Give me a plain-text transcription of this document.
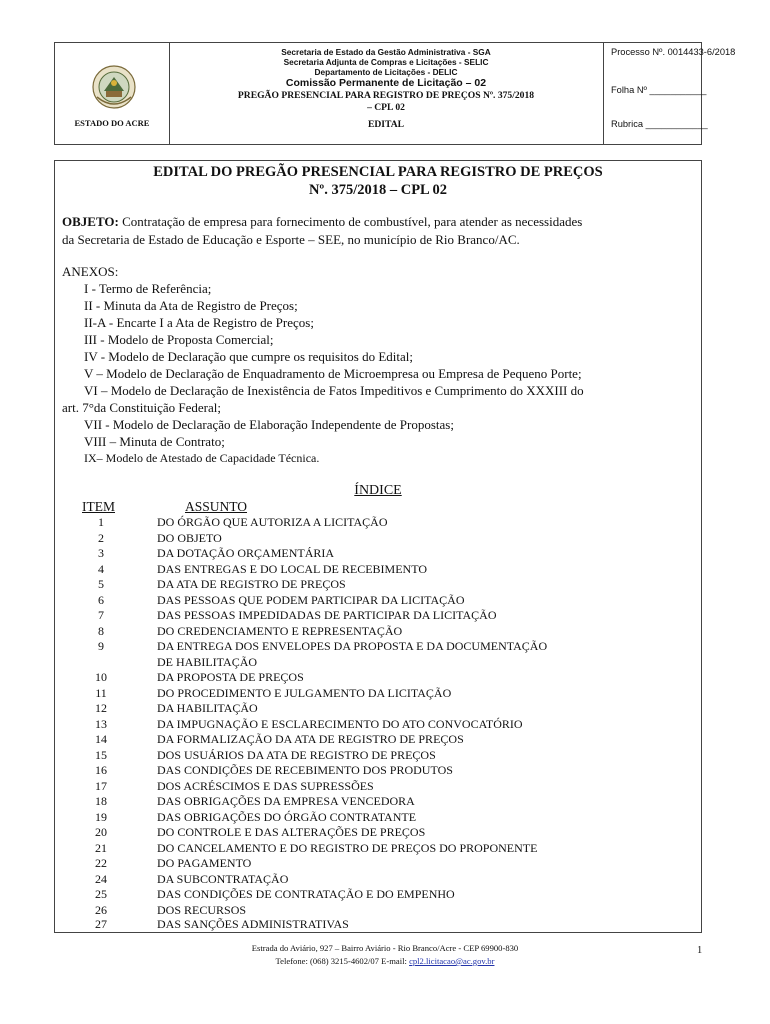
ESTADO DO ACRE
Secretaria de Estado da Gestão Administrativa - SGA
Secretaria Adjunta de Compras e Licitações - SELIC
Departamento de Licitações - DELIC
Comissão Permanente de Licitação – 02
PREGÃO PRESENCIAL PARA REGISTRO DE PREÇOS Nº. 375/2018
– CPL 02
EDITAL
Processo Nº. 0014433-6/2018
Folha Nº ___________
Rubrica ____________
EDITAL DO PREGÃO PRESENCIAL PARA REGISTRO DE PREÇOS
Nº. 375/2018 – CPL 02
OBJETO: Contratação de empresa para fornecimento de combustível, para atender as necessidades
da Secretaria de Estado de Educação e Esporte – SEE, no município de Rio Branco/AC.
ANEXOS:
I - Termo de Referência;
II - Minuta da Ata de Registro de Preços;
II-A - Encarte I a Ata de Registro de Preços;
III - Modelo de Proposta Comercial;
IV - Modelo de Declaração que cumpre os requisitos do Edital;
V – Modelo de Declaração de Enquadramento de Microempresa ou Empresa de Pequeno Porte;
VI – Modelo de Declaração de Inexistência de Fatos Impeditivos e Cumprimento do XXXIII do
art. 7°da Constituição Federal;
VII - Modelo de Declaração de Elaboração Independente de Propostas;
VIII – Minuta de Contrato;
IX– Modelo de Atestado de Capacidade Técnica.
ÍNDICE
ITEM	ASSUNTO
1	DO ÓRGÃO QUE AUTORIZA A LICITAÇÃO
2	DO OBJETO
3	DA DOTAÇÃO ORÇAMENTÁRIA
4	DAS ENTREGAS E DO LOCAL DE RECEBIMENTO
5	DA ATA DE REGISTRO DE PREÇOS
6	DAS PESSOAS QUE PODEM PARTICIPAR DA LICITAÇÃO
7	DAS PESSOAS IMPEDIDADAS DE PARTICIPAR DA LICITAÇÃO
8	DO CREDENCIAMENTO E REPRESENTAÇÃO
9	DA ENTREGA DOS ENVELOPES DA PROPOSTA E DA DOCUMENTAÇÃO
DE HABILITAÇÃO
10	DA PROPOSTA DE PREÇOS
11	DO PROCEDIMENTO E JULGAMENTO DA LICITAÇÃO
12	DA HABILITAÇÃO
13	DA IMPUGNAÇÃO E ESCLARECIMENTO DO ATO CONVOCATÓRIO
14	DA FORMALIZAÇÃO DA ATA DE REGISTRO DE PREÇOS
15	DOS USUÁRIOS DA ATA DE REGISTRO DE PREÇOS
16	DAS CONDIÇÕES DE RECEBIMENTO DOS PRODUTOS
17	DOS ACRÉSCIMOS E DAS SUPRESSÕES
18	DAS OBRIGAÇÕES DA EMPRESA VENCEDORA
19	DAS OBRIGAÇÕES DO ÓRGÃO CONTRATANTE
20	DO CONTROLE E DAS ALTERAÇÕES DE PREÇOS
21	DO CANCELAMENTO E DO REGISTRO DE PREÇOS DO PROPONENTE
22	DO PAGAMENTO
24	DA SUBCONTRATAÇÃO
25	DAS CONDIÇÕES DE CONTRATAÇÃO E DO EMPENHO
26	DOS RECURSOS
27	DAS SANÇÕES ADMINISTRATIVAS
Estrada do Aviário, 927 – Bairro Aviário - Rio Branco/Acre - CEP 69900-830
Telefone: (068) 3215-4602/07 E-mail: cpl2.licitacao@ac.gov.br
1
